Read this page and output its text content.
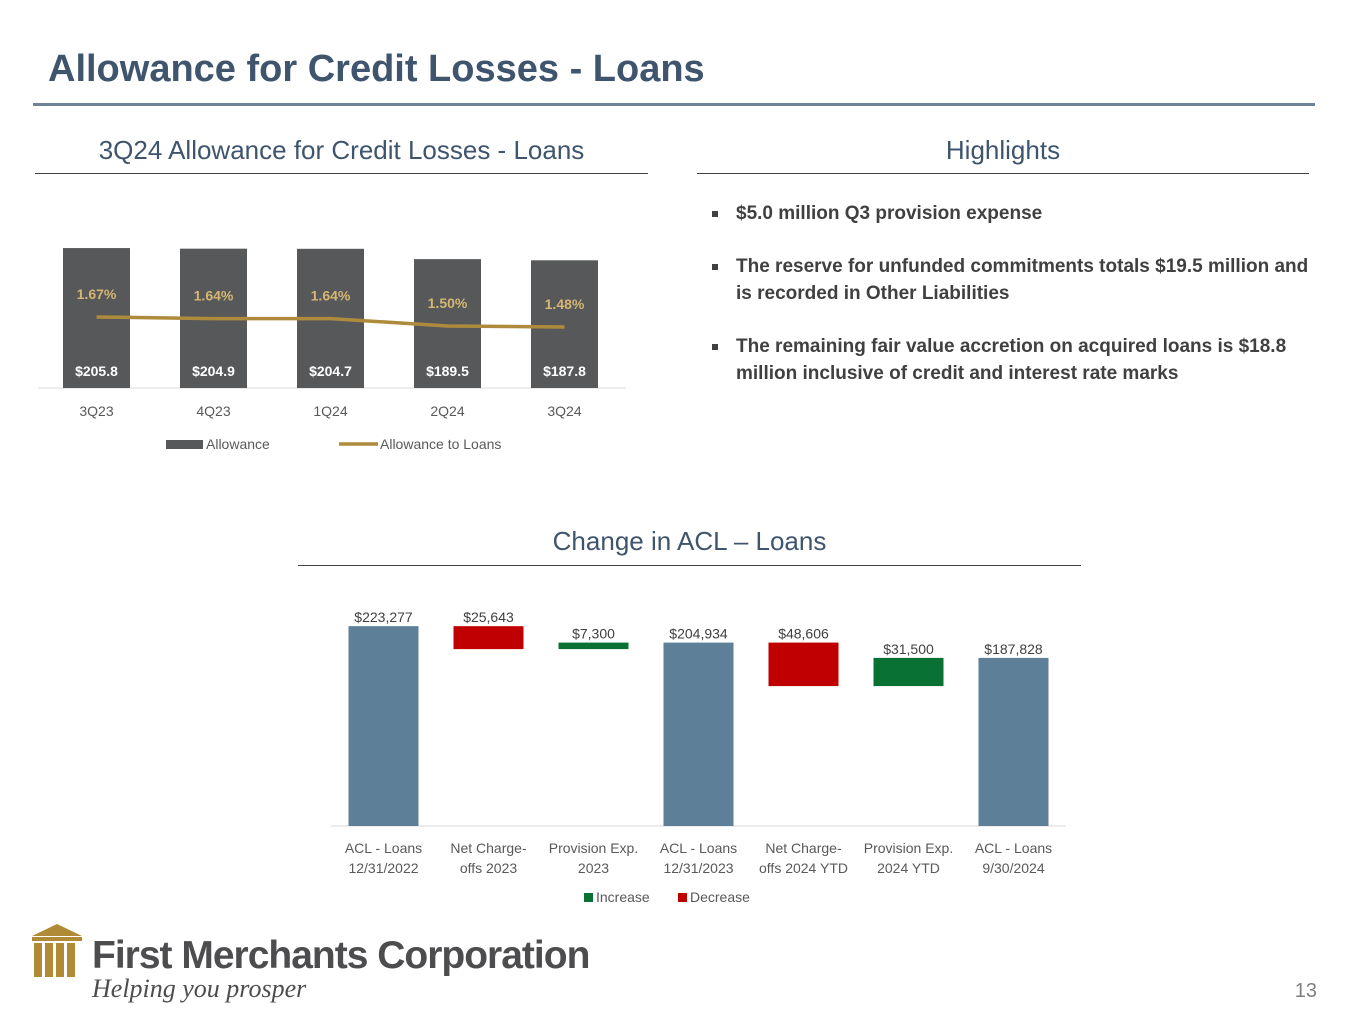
Allowance for Credit Losses - Loans
3Q24 Allowance for Credit Losses - Loans	Highlights
$5.0 million Q3 provision expense
The reserve for unfunded commitments totals $19.5 million and is recorded in Other Liabilities
The remaining fair value accretion on acquired loans is $18.8 million inclusive of credit and interest rate marks
$205.8
1.67%
3Q23
$204.9
1.64%
4Q23
$204.7
1.64%
1Q24
$189.5
1.50%
2Q24
$187.8
1.48%
3Q24
Allowance	Allowance to Loans
Change in ACL – Loans
$223,277
ACL - Loans
12/31/2022
$25,643
Net Charge-
offs 2023
$7,300
Provision Exp.
2023
$204,934
ACL - Loans
12/31/2023
$48,606
Net Charge-
offs 2024 YTD
$31,500
Provision Exp.
2024 YTD
$187,828
ACL - Loans
9/30/2024
Increase	Decrease
First Merchants Corporation
Helping you prosper	13
